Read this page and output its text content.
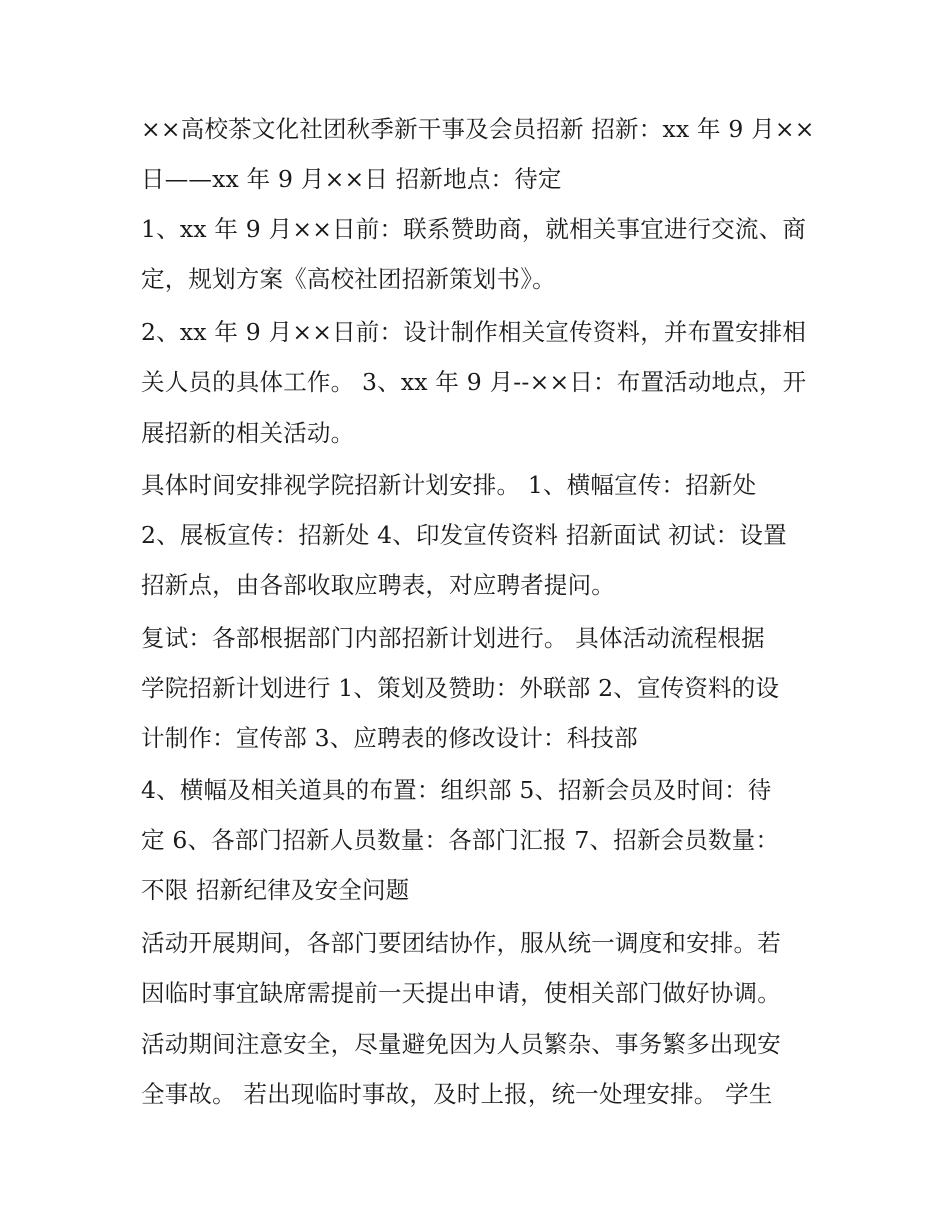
××高校茶文化社团秋季新干事及会员招新 招新：xx 年 9 月××
日——xx 年 9 月××日 招新地点：待定
1、xx 年 9 月××日前：联系赞助商，就相关事宜进行交流、商
定，规划方案《高校社团招新策划书》。
2、xx 年 9 月××日前：设计制作相关宣传资料，并布置安排相
关人员的具体工作。 3、xx 年 9 月--××日：布置活动地点，开
展招新的相关活动。
具体时间安排视学院招新计划安排。 1、横幅宣传：招新处
2、展板宣传：招新处 4、印发宣传资料 招新面试 初试：设置
招新点，由各部收取应聘表，对应聘者提问。
复试：各部根据部门内部招新计划进行。 具体活动流程根据
学院招新计划进行 1、策划及赞助：外联部 2、宣传资料的设
计制作：宣传部 3、应聘表的修改设计：科技部
4、横幅及相关道具的布置：组织部 5、招新会员及时间：待
定 6、各部门招新人员数量：各部门汇报 7、招新会员数量：
不限 招新纪律及安全问题
活动开展期间，各部门要团结协作，服从统一调度和安排。若
因临时事宜缺席需提前一天提出申请，使相关部门做好协调。
活动期间注意安全，尽量避免因为人员繁杂、事务繁多出现安
全事故。 若出现临时事故，及时上报，统一处理安排。 学生
